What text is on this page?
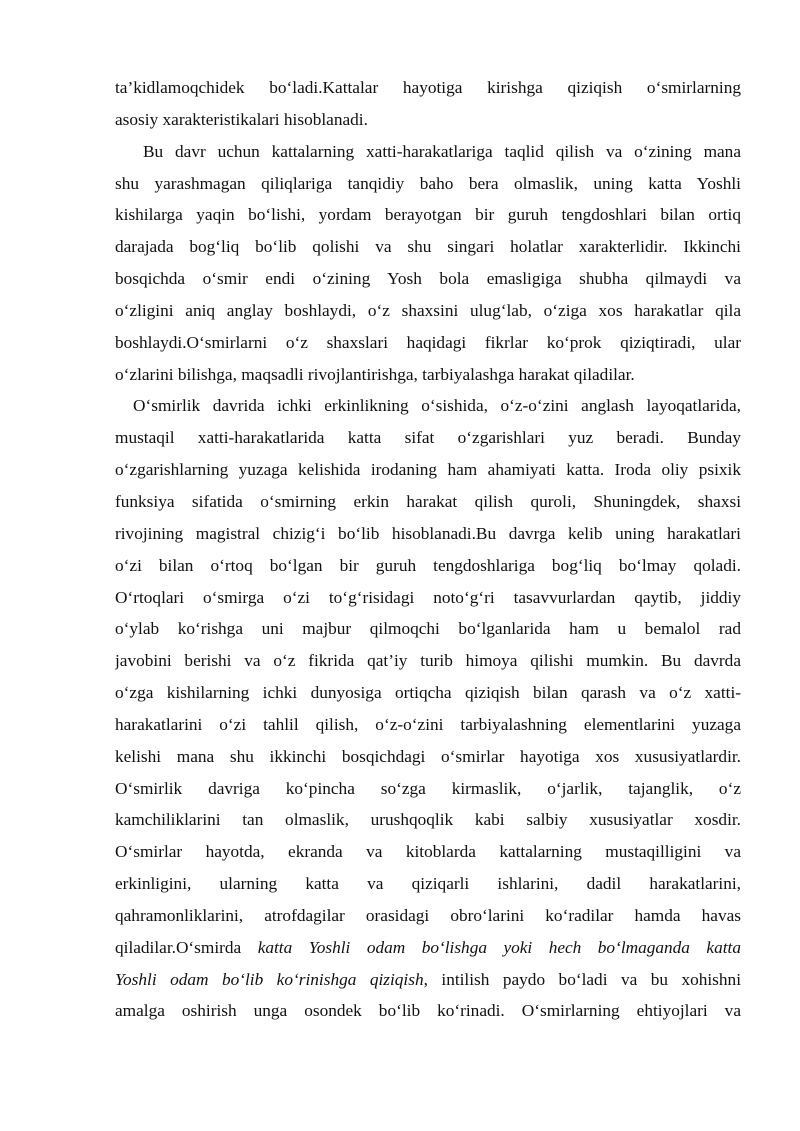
ta’kidlamoqchidek bo‘ladi.Kattalar hayotiga kirishga qiziqish o‘smirlarning
asosiy xarakteristikalari hisoblanadi.
Bu davr uchun kattalarning xatti-harakatlariga taqlid qilish va o‘zining mana
shu yarashmagan qiliqlariga tanqidiy baho bera olmaslik, uning katta Yoshli
kishilarga yaqin bo‘lishi, yordam berayotgan bir guruh tengdoshlari bilan ortiq
darajada bog‘liq bo‘lib qolishi va shu singari holatlar xarakterlidir. Ikkinchi
bosqichda o‘smir endi o‘zining Yosh bola emasligiga shubha qilmaydi va
o‘zligini aniq anglay boshlaydi, o‘z shaxsini ulug‘lab, o‘ziga xos harakatlar qila
boshlaydi.O‘smirlarni o‘z shaxslari haqidagi fikrlar ko‘prok qiziqtiradi, ular
o‘zlarini bilishga, maqsadli rivojlantirishga, tarbiyalashga harakat qiladilar.
O‘smirlik davrida ichki erkinlikning o‘sishida, o‘z-o‘zini anglash layoqatlarida,
mustaqil xatti-harakatlarida katta sifat o‘zgarishlari yuz beradi. Bunday
o‘zgarishlarning yuzaga kelishida irodaning ham ahamiyati katta. Iroda oliy psixik
funksiya sifatida o‘smirning erkin harakat qilish quroli, Shuningdek, shaxsi
rivojining magistral chizig‘i bo‘lib hisoblanadi.Bu davrga kelib uning harakatlari
o‘zi bilan o‘rtoq bo‘lgan bir guruh tengdoshlariga bog‘liq bo‘lmay qoladi.
O‘rtoqlari o‘smirga o‘zi to‘g‘risidagi noto‘g‘ri tasavvurlardan qaytib, jiddiy
o‘ylab ko‘rishga uni majbur qilmoqchi bo‘lganlarida ham u bemalol rad
javobini berishi va o‘z fikrida qat’iy turib himoya qilishi mumkin. Bu davrda
o‘zga kishilarning ichki dunyosiga ortiqcha qiziqish bilan qarash va o‘z xatti-
harakatlarini o‘zi tahlil qilish, o‘z-o‘zini tarbiyalashning elementlarini yuzaga
kelishi mana shu ikkinchi bosqichdagi o‘smirlar hayotiga xos xususiyatlardir.
O‘smirlik davriga ko‘pincha so‘zga kirmaslik, o‘jarlik, tajanglik, o‘z
kamchiliklarini tan olmaslik, urushqoqlik kabi salbiy xususiyatlar xosdir.
O‘smirlar hayotda, ekranda va kitoblarda kattalarning mustaqilligini va
erkinligini, ularning katta va qiziqarli ishlarini, dadil harakatlarini,
qahramonliklarini, atrofdagilar orasidagi obro‘larini ko‘radilar hamda havas
qiladilar.O‘smirda katta Yoshli odam bo‘lishga yoki hech bo‘lmaganda katta
Yoshli odam bo‘lib ko‘rinishga qiziqish, intilish paydo bo‘ladi va bu xohishni
amalga oshirish unga osondek bo‘lib ko‘rinadi. O‘smirlarning ehtiyojlari va
